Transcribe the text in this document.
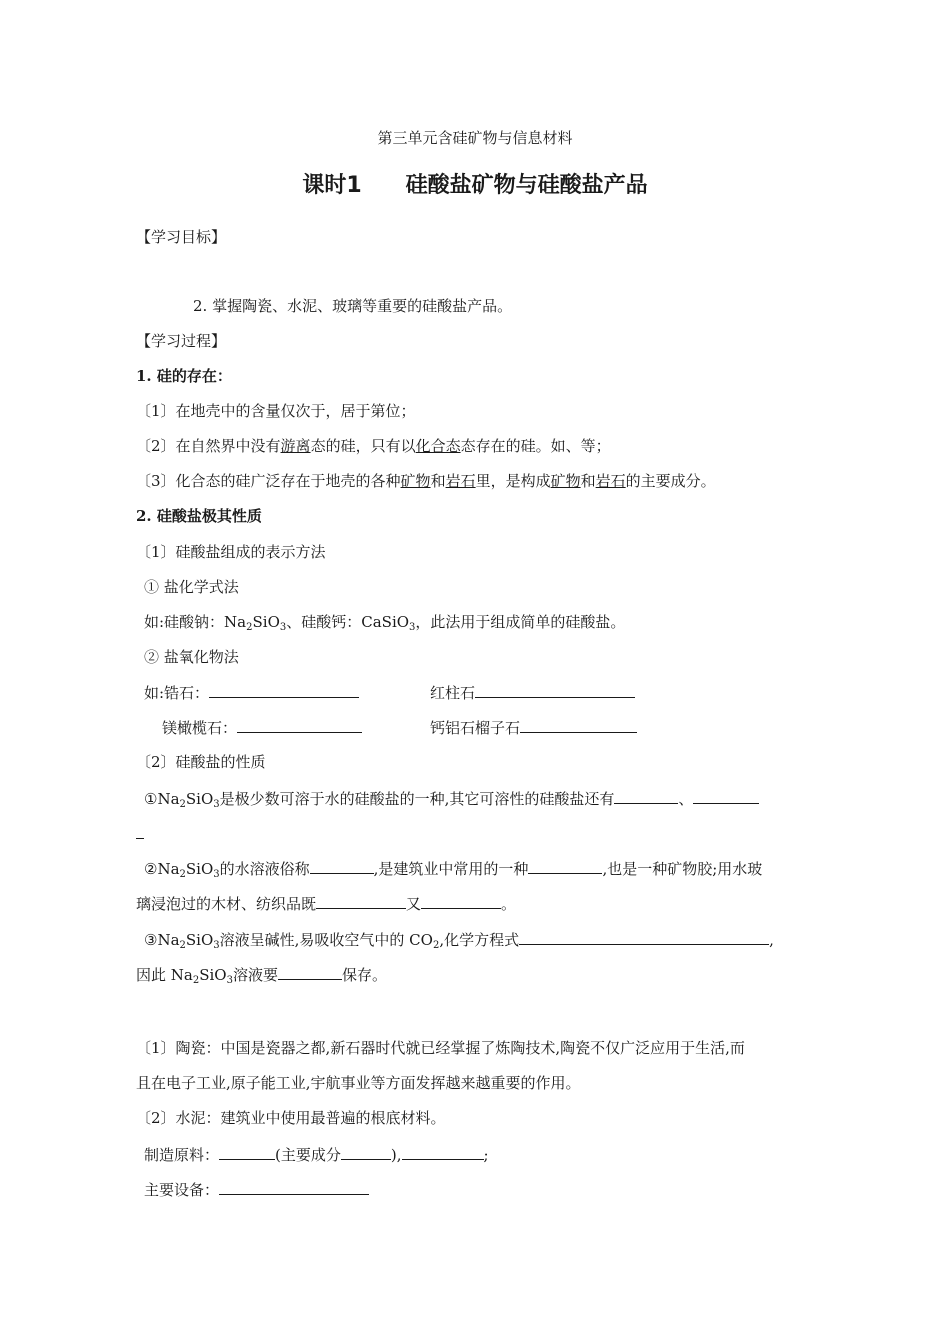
第三单元含硅矿物与信息材料
课时1 硅酸盐矿物与硅酸盐产品
【学习目标】
2. 掌握陶瓷、水泥、玻璃等重要的硅酸盐产品。
【学习过程】
1. 硅的存在：
〔1〕在地壳中的含量仅次于，居于第位；
〔2〕在自然界中没有游离态的硅，只有以化合态态存在的硅。如、等；
〔3〕化合态的硅广泛存在于地壳的各种矿物和岩石里，是构成矿物和岩石的主要成分。
2. 硅酸盐极其性质
〔1〕硅酸盐组成的表示方法
① 盐化学式法
如:硅酸钠：$Na_2SiO_3$、硅酸钙：CaSiO$_3$，此法用于组成简单的硅酸盐。
② 盐氧化物法
如:锆石：	红柱石
镁橄榄石：	钙铝石榴子石
〔2〕硅酸盐的性质
$①Na_2SiO_3$是极少数可溶于水的硅酸盐的一种,其它可溶性的硅酸盐还有	、
$②Na_2SiO_3$的水溶液俗称	,是建筑业中常用的一种	,也是一种矿物胶;用水玻
璃浸泡过的木材、纺织品既	又	。
$③Na_2SiO_3$溶液呈碱性,易吸收空气中的 $CO_2$,化学方程式	,
因此 $Na_2SiO_3$溶液要	保存。
〔1〕陶瓷：中国是瓷器之都,新石器时代就已经掌握了炼陶技术,陶瓷不仅广泛应用于生活,而
且在电子工业,原子能工业,宇航事业等方面发挥越来越重要的作用。
〔2〕水泥：建筑业中使用最普遍的根底材料。
制造原料：	(主要成分	),	;
主要设备：
